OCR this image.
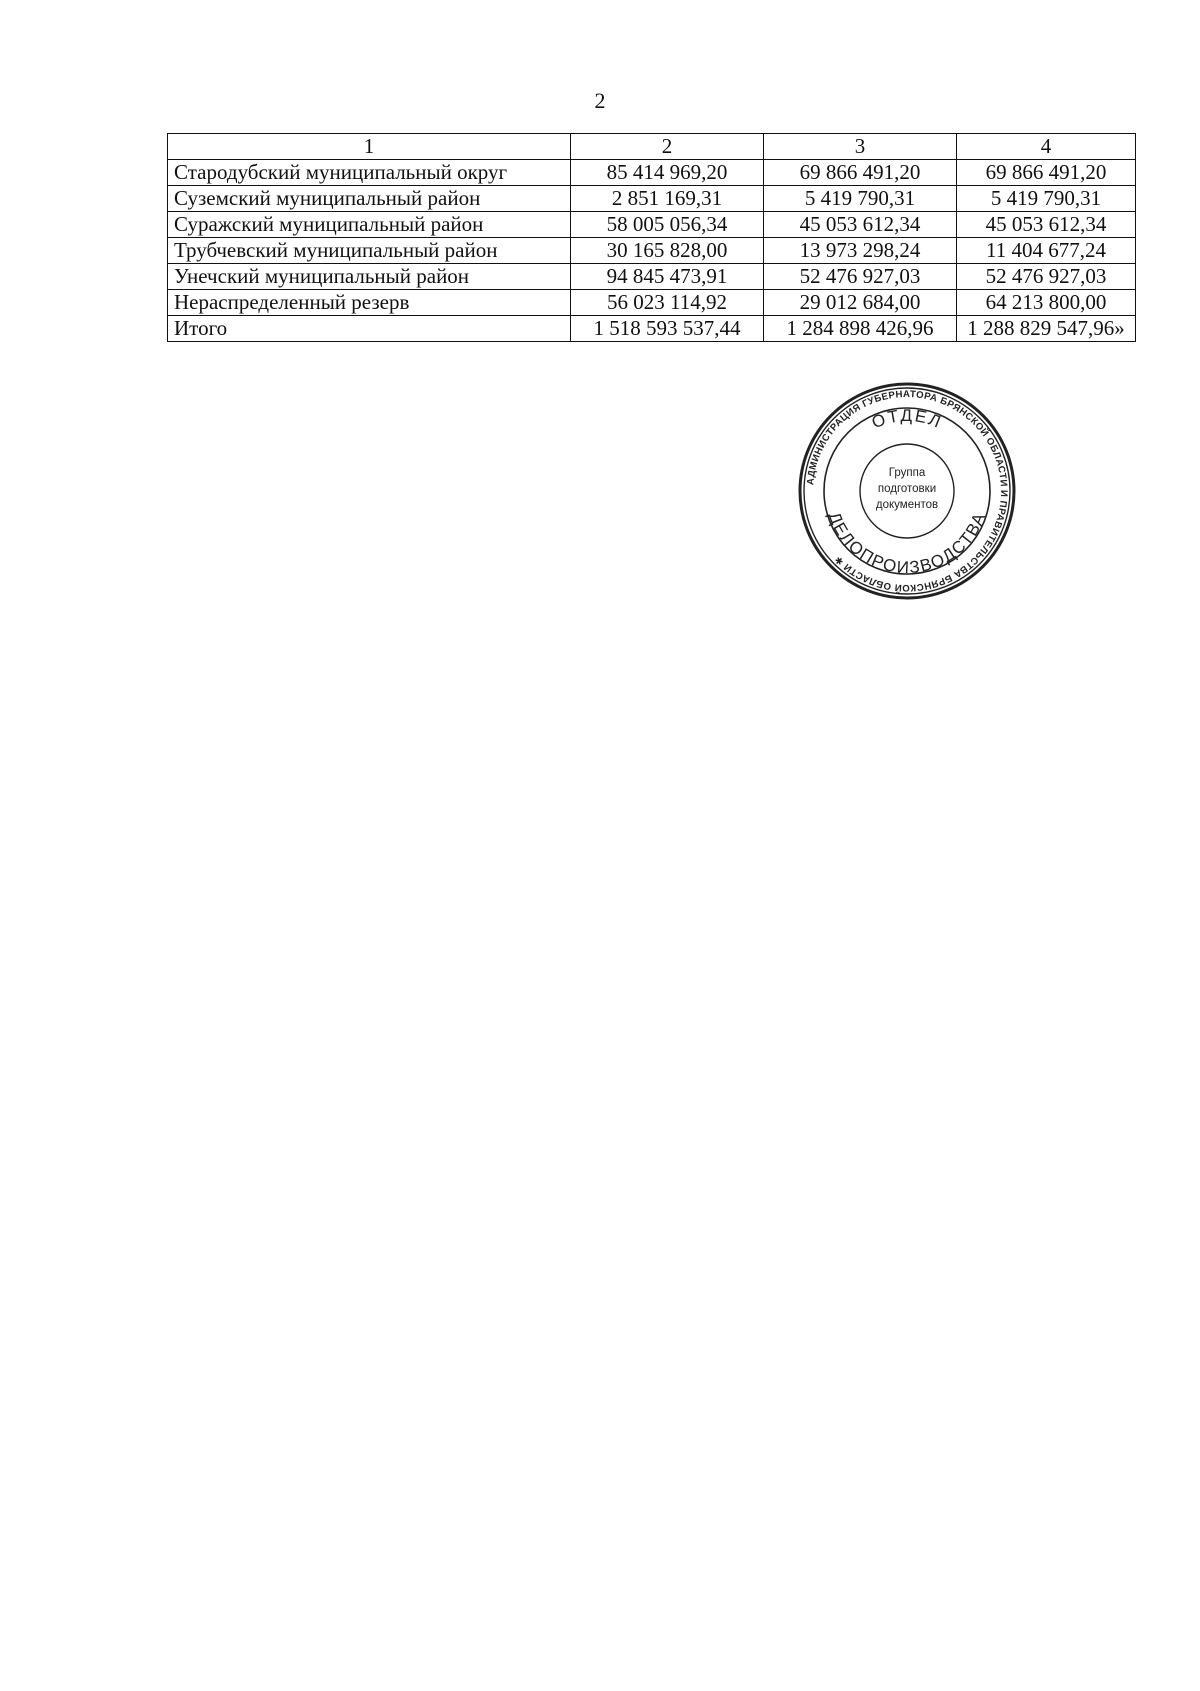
2
1	2	3	4
Стародубский муниципальный округ	85 414 969,20	69 866 491,20	69 866 491,20
Суземский муниципальный район	2 851 169,31	5 419 790,31	5 419 790,31
Суражский муниципальный район	58 005 056,34	45 053 612,34	45 053 612,34
Трубчевский муниципальный район	30 165 828,00	13 973 298,24	11 404 677,24
Унечский муниципальный район	94 845 473,91	52 476 927,03	52 476 927,03
Нераспределенный резерв	56 023 114,92	29 012 684,00	64 213 800,00
Итого	1 518 593 537,44	1 284 898 426,96	1 288 829 547,96»
АДМИНИСТРАЦИЯ ГУБЕРНАТОРА БРЯНСКОЙ ОБЛАСТИ И ПРАВИТЕЛЬСТВА БРЯНСКОЙ ОБЛАСТИ ✱
ОТДЕЛ
ДЕЛОПРОИЗВОДСТВА
Группа
подготовки
документов
